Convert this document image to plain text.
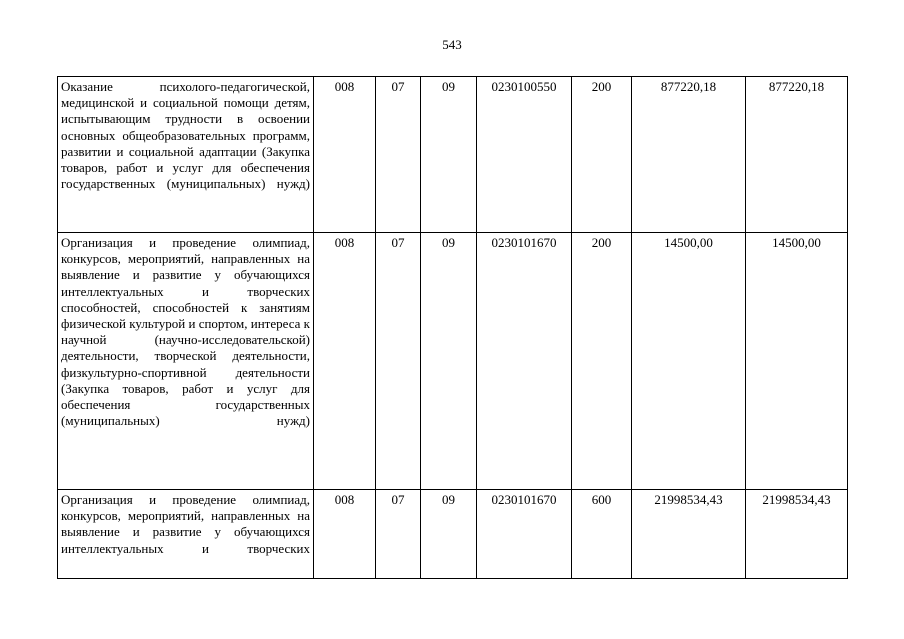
543
Оказание психолого-педагогической, медицинской и социальной помощи детям, испытывающим трудности в освоении основных общеобразовательных программ, развитии и социальной адаптации (Закупка товаров, работ и услуг для обеспечения государственных (муниципальных) нужд)	008	07	09	0230100550	200	877220,18	877220,18
Организация и проведение олимпиад, конкурсов, мероприятий, направленных на выявление и развитие у обучающихся интеллектуальных и творческих способностей, способностей к занятиям физической культурой и спортом, интереса к научной (научно-исследовательской) деятельности, творческой деятельности, физкультурно-спортивной деятельности (Закупка товаров, работ и услуг для обеспечения государственных (муниципальных) нужд)	008	07	09	0230101670	200	14500,00	14500,00
Организация и проведение олимпиад, конкурсов, мероприятий, направленных на выявление и развитие у обучающихся интеллектуальных и творческих	008	07	09	0230101670	600	21998534,43	21998534,43
